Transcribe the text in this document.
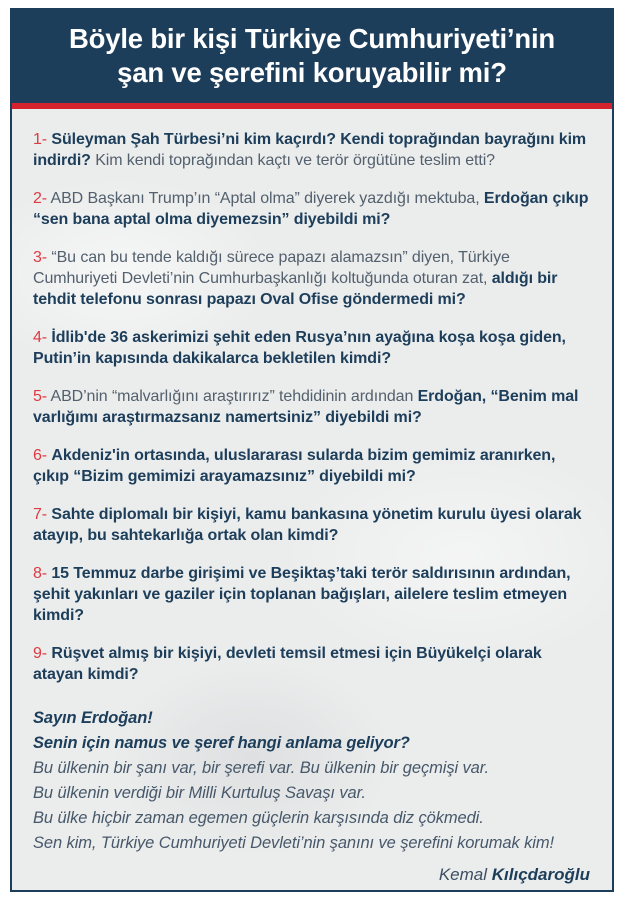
Böyle bir kişi Türkiye Cumhuriyeti’nin
şan ve şerefini koruyabilir mi?

1- Süleyman Şah Türbesi’ni kim kaçırdı? Kendi toprağından bayrağını kim indirdi? Kim kendi toprağından kaçtı ve terör örgütüne teslim etti?

2- ABD Başkanı Trump’ın “Aptal olma” diyerek yazdığı mektuba, Erdoğan çıkıp “sen bana aptal olma diyemezsin” diyebildi mi?

3- “Bu can bu tende kaldığı sürece papazı alamazsın” diyen, Türkiye Cumhuriyeti Devleti’nin Cumhurbaşkanlığı koltuğunda oturan zat, aldığı bir tehdit telefonu sonrası papazı Oval Ofise göndermedi mi?

4- İdlib'de 36 askerimizi şehit eden Rusya’nın ayağına koşa koşa giden, Putin’in kapısında dakikalarca bekletilen kimdi?

5- ABD’nin “malvarlığını araştırırız” tehdidinin ardından Erdoğan, “Benim mal varlığımı araştırmazsanız namertsiniz” diyebildi mi?

6- Akdeniz'in ortasında, uluslararası sularda bizim gemimiz aranırken, çıkıp “Bizim gemimizi arayamazsınız” diyebildi mi?

7- Sahte diplomalı bir kişiyi, kamu bankasına yönetim kurulu üyesi olarak atayıp, bu sahtekarlığa ortak olan kimdi?

8- 15 Temmuz darbe girişimi ve Beşiktaş’taki terör saldırısının ardından, şehit yakınları ve gaziler için toplanan bağışları, ailelere teslim etmeyen kimdi?

9- Rüşvet almış bir kişiyi, devleti temsil etmesi için Büyükelçi olarak atayan kimdi?

Sayın Erdoğan!

Senin için namus ve şeref hangi anlama geliyor?

Bu ülkenin bir şanı var, bir şerefi var. Bu ülkenin bir geçmişi var.

Bu ülkenin verdiği bir Milli Kurtuluş Savaşı var.

Bu ülke hiçbir zaman egemen güçlerin karşısında diz çökmedi.

Sen kim, Türkiye Cumhuriyeti Devleti’nin şanını ve şerefini korumak kim!

Kemal Kılıçdaroğlu
